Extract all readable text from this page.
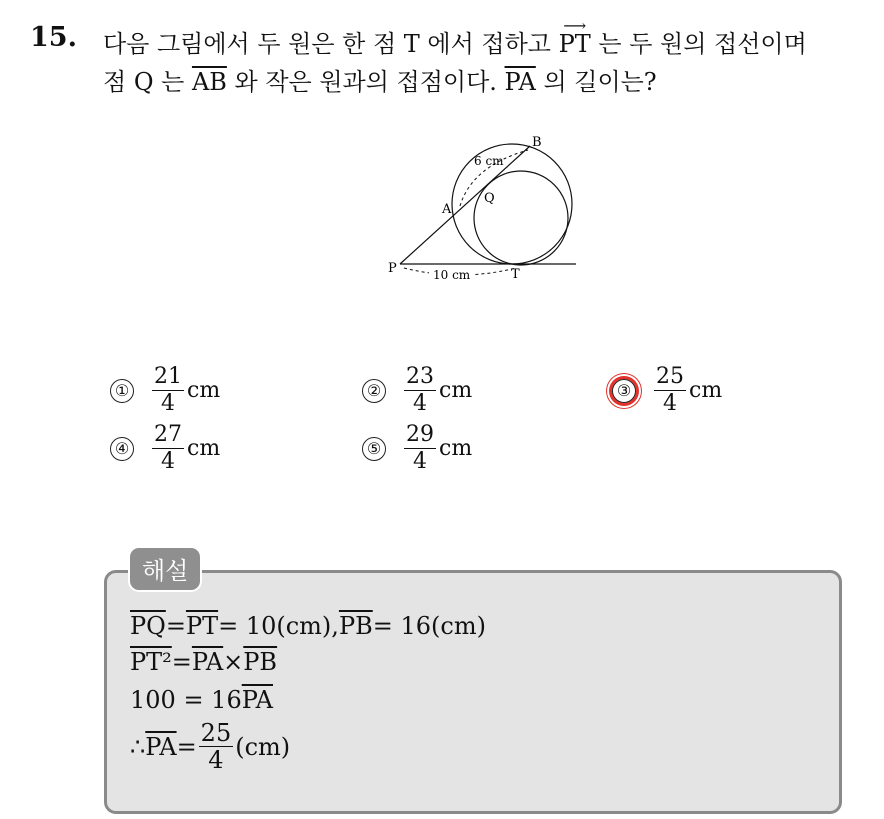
15. 다음 그림에서 두 원은 한 점 T 에서 접하고
⟶
PT 는 두 원의 접선이며
점 Q 는 $\overline{AB}$ 와 작은 원과의 접점이다. $\overline{PA}$ 의 길이는?
B
A
Q
P	T
6 cm
10 cm
① $\frac{21}{4}$ cm	② $\frac{23}{4}$ cm	③ $\frac{25}{4}$ cm
④ $\frac{27}{4}$ cm	⑤ $\frac{29}{4}$ cm
해설
$\overline{PQ} = \overline{PT} = 10(cm)$, $\overline{PB} = 16(cm)$
$PT^2 = \overline{PA} \times \overline{PB}$
100 = 16 $\overline{PA}$
∴ $\overline{PA} = \frac{25}{4} (cm)$
